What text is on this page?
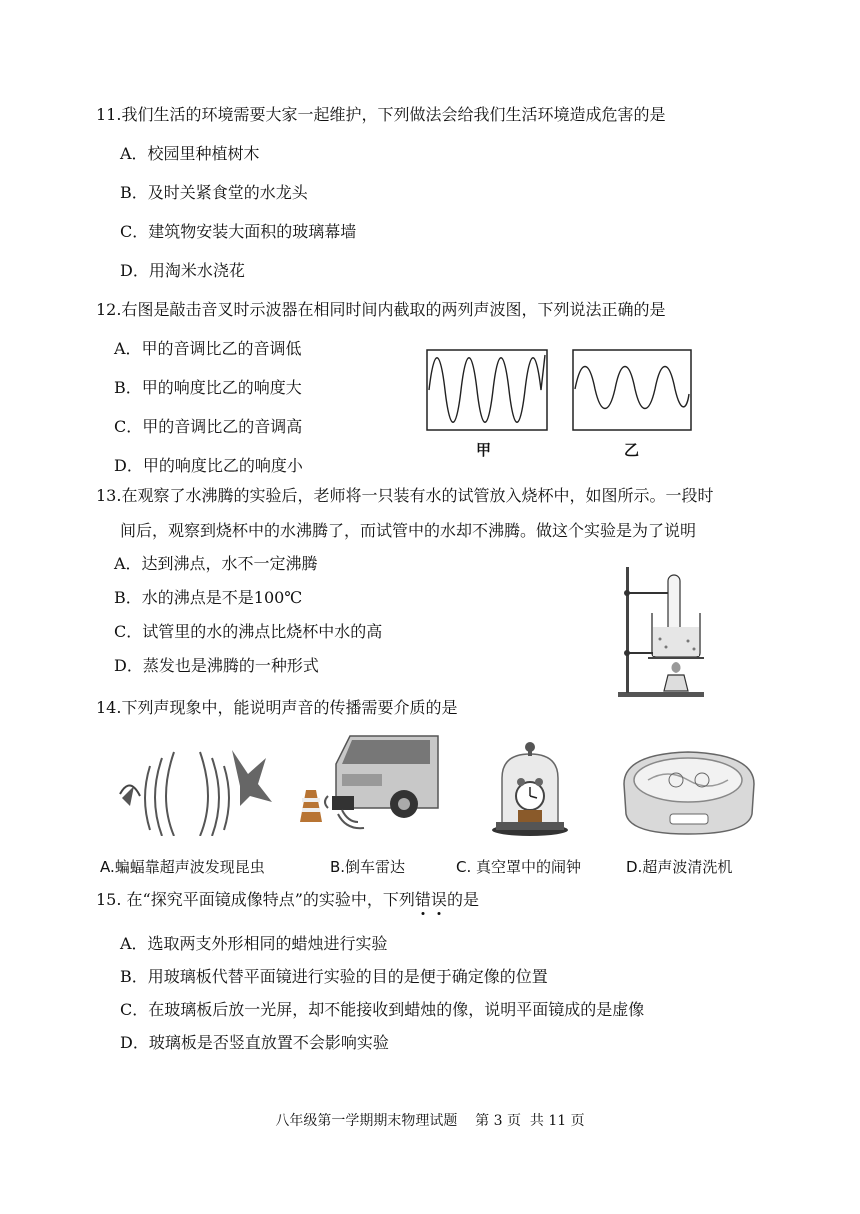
11.我们生活的环境需要大家一起维护，下列做法会给我们生活环境造成危害的是
A．校园里种植树木
B．及时关紧食堂的水龙头
C．建筑物安装大面积的玻璃幕墙
D．用淘米水浇花
12.右图是敲击音叉时示波器在相同时间内截取的两列声波图，下列说法正确的是
A．甲的音调比乙的音调低
B．甲的响度比乙的响度大
C．甲的音调比乙的音调高
D．甲的响度比乙的响度小
甲	乙
13.在观察了水沸腾的实验后，老师将一只装有水的试管放入烧杯中，如图所示。一段时
间后，观察到烧杯中的水沸腾了，而试管中的水却不沸腾。做这个实验是为了说明
A．达到沸点，水不一定沸腾
B．水的沸点是不是100℃
C．试管里的水的沸点比烧杯中水的高
D．蒸发也是沸腾的一种形式
14.下列声现象中，能说明声音的传播需要介质的是
A.蝙蝠靠超声波发现昆虫	B.倒车雷达	C. 真空罩中的闹钟	D.超声波清洗机
15. 在“探究平面镜成像特点”的实验中，下列错误的是
A．选取两支外形相同的蜡烛进行实验
B．用玻璃板代替平面镜进行实验的目的是便于确定像的位置
C．在玻璃板后放一光屏，却不能接收到蜡烛的像，说明平面镜成的是虚像
D．玻璃板是否竖直放置不会影响实验
八年级第一学期期末物理试题    第 3 页  共 11 页
